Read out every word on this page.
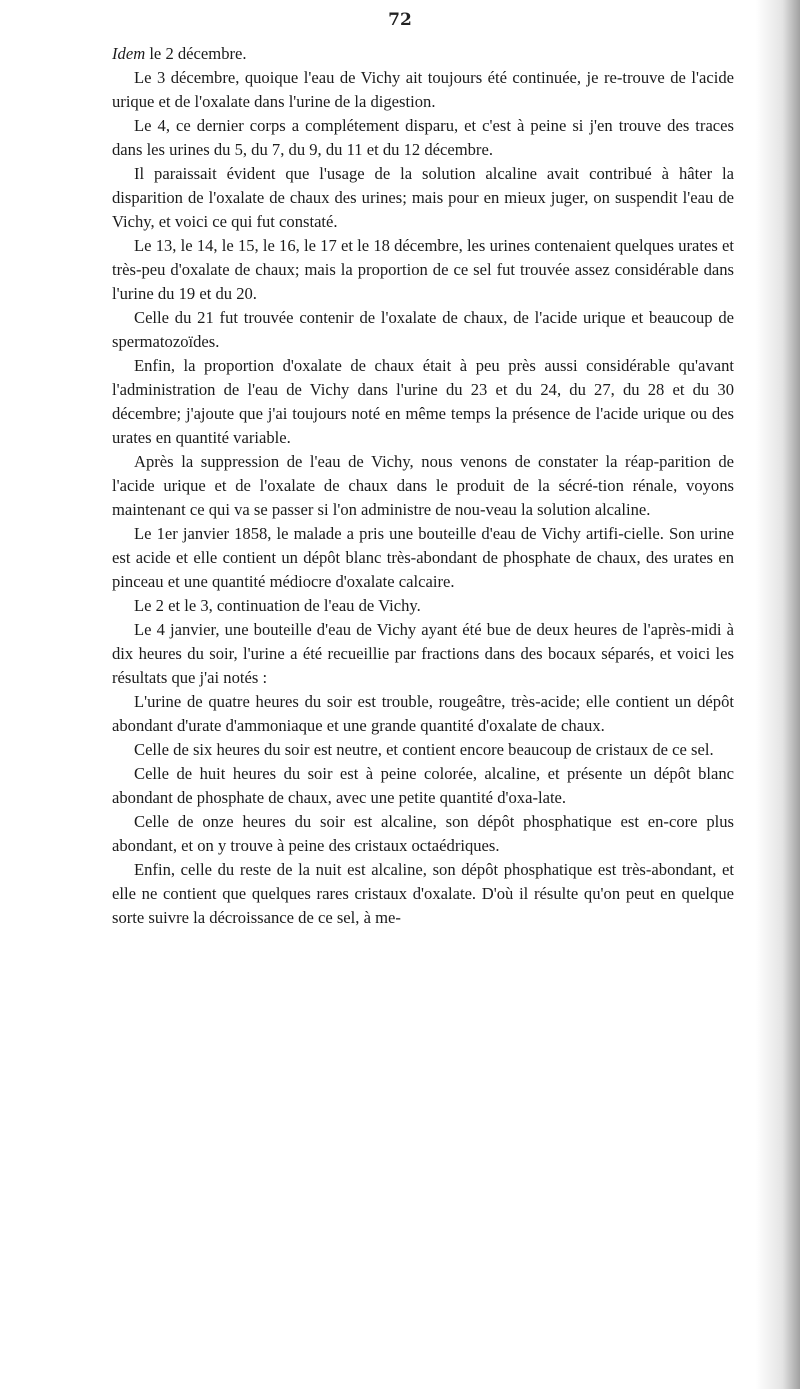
72

Idem le 2 décembre.

Le 3 décembre, quoique l'eau de Vichy ait toujours été continuée, je re-trouve de l'acide urique et de l'oxalate dans l'urine de la digestion.

Le 4, ce dernier corps a complétement disparu, et c'est à peine si j'en trouve des traces dans les urines du 5, du 7, du 9, du 11 et du 12 décembre.

Il paraissait évident que l'usage de la solution alcaline avait contribué à hâter la disparition de l'oxalate de chaux des urines; mais pour en mieux juger, on suspendit l'eau de Vichy, et voici ce qui fut constaté.

Le 13, le 14, le 15, le 16, le 17 et le 18 décembre, les urines contenaient quelques urates et très-peu d'oxalate de chaux; mais la proportion de ce sel fut trouvée assez considérable dans l'urine du 19 et du 20.

Celle du 21 fut trouvée contenir de l'oxalate de chaux, de l'acide urique et beaucoup de spermatozoïdes.

Enfin, la proportion d'oxalate de chaux était à peu près aussi considérable qu'avant l'administration de l'eau de Vichy dans l'urine du 23 et du 24, du 27, du 28 et du 30 décembre; j'ajoute que j'ai toujours noté en même temps la présence de l'acide urique ou des urates en quantité variable.

Après la suppression de l'eau de Vichy, nous venons de constater la réap-parition de l'acide urique et de l'oxalate de chaux dans le produit de la sécré-tion rénale, voyons maintenant ce qui va se passer si l'on administre de nou-veau la solution alcaline.

Le 1er janvier 1858, le malade a pris une bouteille d'eau de Vichy artifi-cielle. Son urine est acide et elle contient un dépôt blanc très-abondant de phosphate de chaux, des urates en pinceau et une quantité médiocre d'oxalate calcaire.

Le 2 et le 3, continuation de l'eau de Vichy.

Le 4 janvier, une bouteille d'eau de Vichy ayant été bue de deux heures de l'après-midi à dix heures du soir, l'urine a été recueillie par fractions dans des bocaux séparés, et voici les résultats que j'ai notés :

L'urine de quatre heures du soir est trouble, rougeâtre, très-acide; elle contient un dépôt abondant d'urate d'ammoniaque et une grande quantité d'oxalate de chaux.

Celle de six heures du soir est neutre, et contient encore beaucoup de cristaux de ce sel.

Celle de huit heures du soir est à peine colorée, alcaline, et présente un dépôt blanc abondant de phosphate de chaux, avec une petite quantité d'oxa-late.

Celle de onze heures du soir est alcaline, son dépôt phosphatique est en-core plus abondant, et on y trouve à peine des cristaux octaédriques.

Enfin, celle du reste de la nuit est alcaline, son dépôt phosphatique est très-abondant, et elle ne contient que quelques rares cristaux d'oxalate. D'où il résulte qu'on peut en quelque sorte suivre la décroissance de ce sel, à me-
